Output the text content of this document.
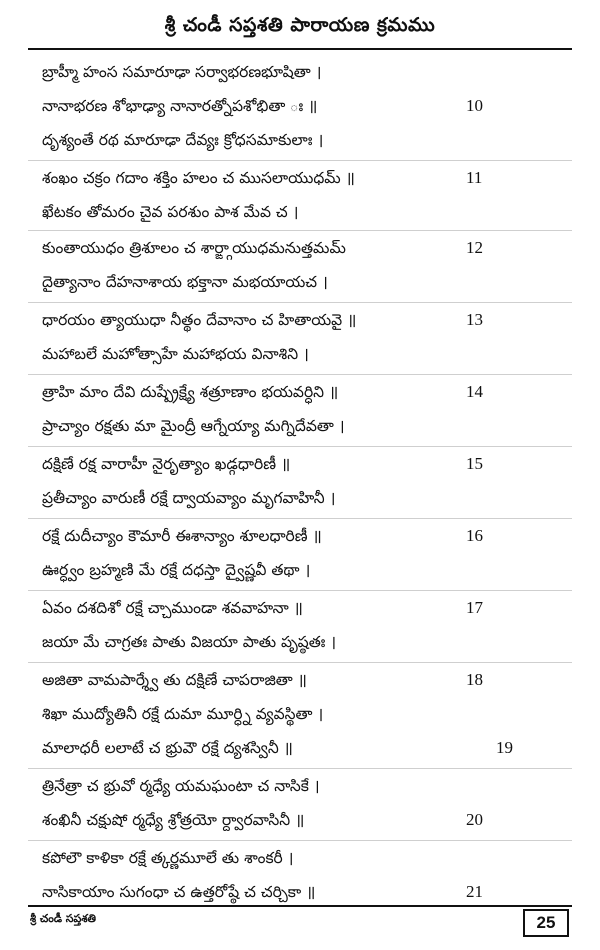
శ్రీ చండీ సప్తశతి పారాయణ క్రమము
బ్రాహ్మీ హంస సమారూఢా సర్వాభరణభూషితా ।
నానాభరణ శోభాఢ్యా నానారత్నోపశోభితా ః ॥	10
దృశ్యంతే రథ మారూఢా దేవ్యః క్రోధసమాకులాః ।
శంఖం చక్రం గదాం శక్తిం హలం చ ముసలాయుధమ్ ॥	11
ఖేటకం తోమరం చైవ పరశుం పాశ మేవ చ ।
కుంతాయుధం త్రిశూలం చ శార్ఙ్గాయుధమనుత్తమమ్	12
దైత్యానాం దేహనాశాయ భక్తానా మభయాయచ ।
ధారయం త్యాయుధా నీత్థం దేవానాం చ హితాయవై ॥	13
మహాబలే మహోత్సాహే మహాభయ వినాశిని ।
త్రాహి మాం దేవి దుష్ప్రేక్ష్యే శత్రూణాం భయవర్ధిని ॥	14
ప్రాచ్యాం రక్షతు మా మైంద్రీ ఆగ్నేయ్యా మగ్నిదేవతా ।
దక్షిణే రక్ష వారాహీ నైరృత్యాం ఖడ్గధారిణీ ॥	15
ప్రతీచ్యాం వారుణీ రక్షే ద్వాయవ్యాం మృగవాహినీ ।
రక్షే దుదీచ్యాం కౌమారీ ఈశాన్యాం శూలధారిణీ ॥	16
ఊర్ధ్వం బ్రహ్మణి మే రక్షే దధస్తా ద్వైష్ణవీ తథా ।
ఏవం దశదిశో రక్షే చ్చాముండా శవవాహనా ॥	17
జయా మే చాగ్రతః పాతు విజయా పాతు పృష్ఠతః ।
అజితా వామపార్శ్వే తు దక్షిణే చాపరాజితా ॥	18
శిఖా ముద్యోతినీ రక్షే దుమా మూర్ధ్ని వ్యవస్థితా ।
మాలాధరీ లలాటే చ భ్రువౌ రక్షే ద్యశస్వినీ ॥	19
త్రినేత్రా చ భ్రువో ర్మధ్యే యమఘంటా చ నాసికే ।
శంఖినీ చక్షుషో ర్మధ్యే శ్రోత్రయో ర్ద్వారవాసినీ ॥	20
కపోలౌ కాళికా రక్షే త్కర్ణమూలే తు శాంకరీ ।
నాసికాయాం సుగంధా చ ఉత్తరోష్ఠే చ చర్చికా ॥	21
శ్రీ చండీ సప్తశతి	25
